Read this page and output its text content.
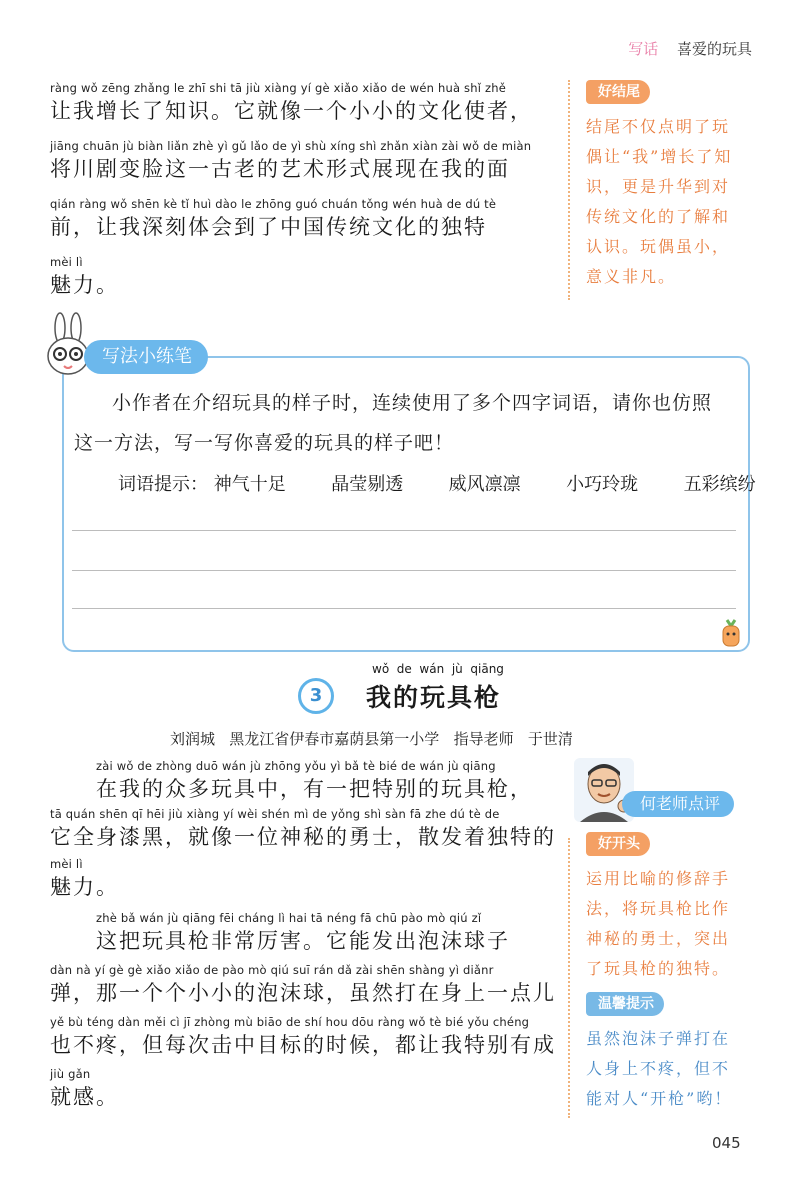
写话 喜爱的玩具
ràng wǒ zēng zhǎng le zhī shi tā jiù xiàng yí gè xiǎo xiǎo de wén huà shǐ zhě
让我增长了知识。它就像一个小小的文化使者，
jiāng chuān jù biàn liǎn zhè yì gǔ lǎo de yì shù xíng shì zhǎn xiàn zài wǒ de miàn
将川剧变脸这一古老的艺术形式展现在我的面
qián ràng wǒ shēn kè tǐ huì dào le zhōng guó chuán tǒng wén huà de dú tè
前，让我深刻体会到了中国传统文化的独特
mèi lì
魅力。
好结尾
结尾不仅点明了玩
偶让“我”增长了知
识，更是升华到对
传统文化的了解和
认识。玩偶虽小，
意义非凡。
写法小练笔
小作者在介绍玩具的样子时，连续使用了多个四字词语，请你也仿照
这一方法，写一写你喜爱的玩具的样子吧！
词语提示： 神气十足	晶莹剔透	威风凛凛	小巧玲珑	五彩缤纷
3
wǒ  de  wán  jù  qiāng
我的玩具枪
刘润城   黑龙江省伊春市嘉荫县第一小学   指导老师   于世清
zài wǒ de zhòng duō wán jù zhōng yǒu yì bǎ tè bié de wán jù qiāng
在我的众多玩具中，有一把特别的玩具枪，
tā quán shēn qī hēi jiù xiàng yí wèi shén mì de yǒng shì sàn fā zhe dú tè de
它全身漆黑，就像一位神秘的勇士，散发着独特的
mèi lì
魅力。
zhè bǎ wán jù qiāng fēi cháng lì hai tā néng fā chū pào mò qiú zǐ
这把玩具枪非常厉害。它能发出泡沫球子
dàn nà yí gè gè xiǎo xiǎo de pào mò qiú suī rán dǎ zài shēn shàng yì diǎnr
弹，那一个个小小的泡沫球，虽然打在身上一点儿
yě bù téng dàn měi cì jī zhòng mù biāo de shí hou dōu ràng wǒ tè bié yǒu chéng
也不疼，但每次击中目标的时候，都让我特别有成
jiù gǎn
就感。
何老师点评
好开头
运用比喻的修辞手
法，将玩具枪比作
神秘的勇士，突出
了玩具枪的独特。
温馨提示
虽然泡沫子弹打在
人身上不疼，但不
能对人“开枪”哟！
045
